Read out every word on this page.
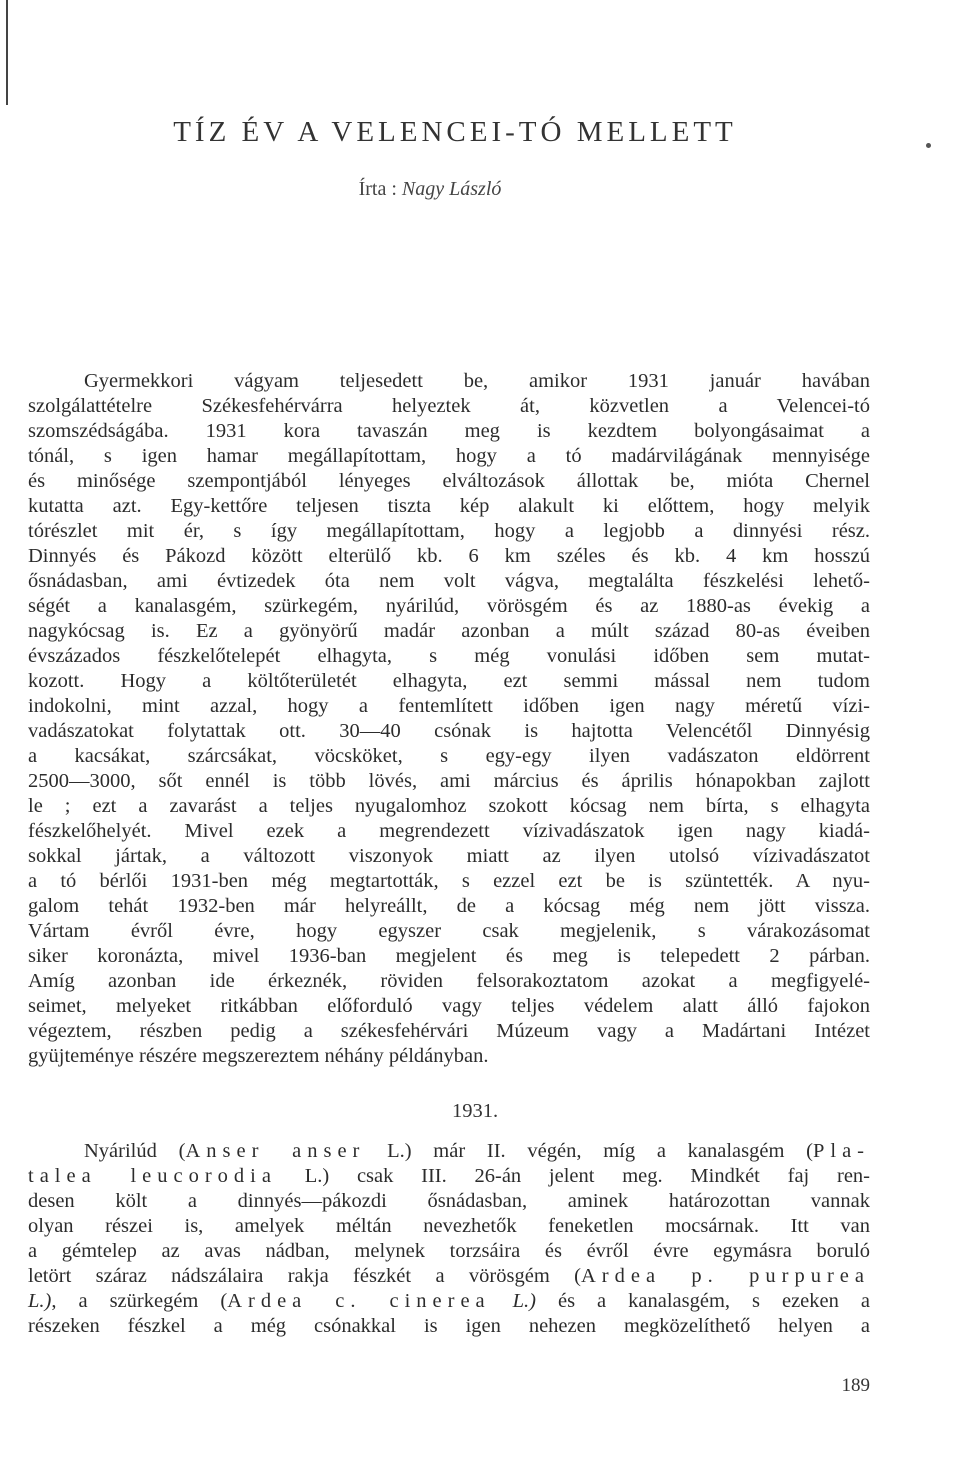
TÍZ ÉV A VELENCEI-TÓ MELLETT
Írta : Nagy László
Gyermekkori vágyam teljesedett be, amikor 1931 január havában
szolgálattételre Székesfehérvárra helyeztek át, közvetlen a Velencei-tó
szomszédságába. 1931 kora tavaszán meg is kezdtem bolyongásaimat a
tónál, s igen hamar megállapítottam, hogy a tó madárvilágának mennyisége
és minősége szempontjából lényeges elváltozások állottak be, mióta Chernel
kutatta azt. Egy-kettőre teljesen tiszta kép alakult ki előttem, hogy melyik
tórészlet mit ér, s így megállapítottam, hogy a legjobb a dinnyési rész.
Dinnyés és Pákozd között elterülő kb. 6 km széles és kb. 4 km hosszú
ősnádasban, ami évtizedek óta nem volt vágva, megtalálta fészkelési lehető-
ségét a kanalasgém, szürkegém, nyárilúd, vörösgém és az 1880-as évekig a
nagykócsag is. Ez a gyönyörű madár azonban a múlt század 80-as éveiben
évszázados fészkelőtelepét elhagyta, s még vonulási időben sem mutat-
kozott. Hogy a költőterületét elhagyta, ezt semmi mással nem tudom
indokolni, mint azzal, hogy a fentemlített időben igen nagy méretű vízi-
vadászatokat folytattak ott. 30—40 csónak is hajtotta Velencétől Dinnyésig
a kacsákat, szárcsákat, vöcsköket, s egy-egy ilyen vadászaton eldörrent
2500—3000, sőt ennél is több lövés, ami március és április hónapokban zajlott
le ; ezt a zavarást a teljes nyugalomhoz szokott kócsag nem bírta, s elhagyta
fészkelőhelyét. Mivel ezek a megrendezett vízivadászatok igen nagy kiadá-
sokkal jártak, a változott viszonyok miatt az ilyen utolsó vízivadászatot
a tó bérlői 1931-ben még megtartották, s ezzel ezt be is szüntették. A nyu-
galom tehát 1932-ben már helyreállt, de a kócsag még nem jött vissza.
Vártam évről évre, hogy egyszer csak megjelenik, s várakozásomat
siker koronázta, mivel 1936-ban megjelent és meg is telepedett 2 párban.
Amíg azonban ide érkeznék, röviden felsorakoztatom azokat a megfigyelé-
seimet, melyeket ritkábban előforduló vagy teljes védelem alatt álló fajokon
végeztem, részben pedig a székesfehérvári Múzeum vagy a Madártani Intézet
gyüjteménye részére megszereztem néhány példányban.
1931.
Nyárilúd (Anser anser L.) már II. végén, míg a kanalasgém (Pla-
talea leucorodia L.) csak III. 26-án jelent meg. Mindkét faj ren-
desen költ a dinnyés—pákozdi ősnádasban, aminek határozottan vannak
olyan részei is, amelyek méltán nevezhetők feneketlen mocsárnak. Itt van
a gémtelep az avas nádban, melynek torzsáira és évről évre egymásra boruló
letört száraz nádszálaira rakja fészkét a vörösgém (Ardea p. purpurea
L.), a szürkegém (Ardea c. cinerea L.) és a kanalasgém, s ezeken a
részeken fészkel a még csónakkal is igen nehezen megközelíthető helyen a
189
